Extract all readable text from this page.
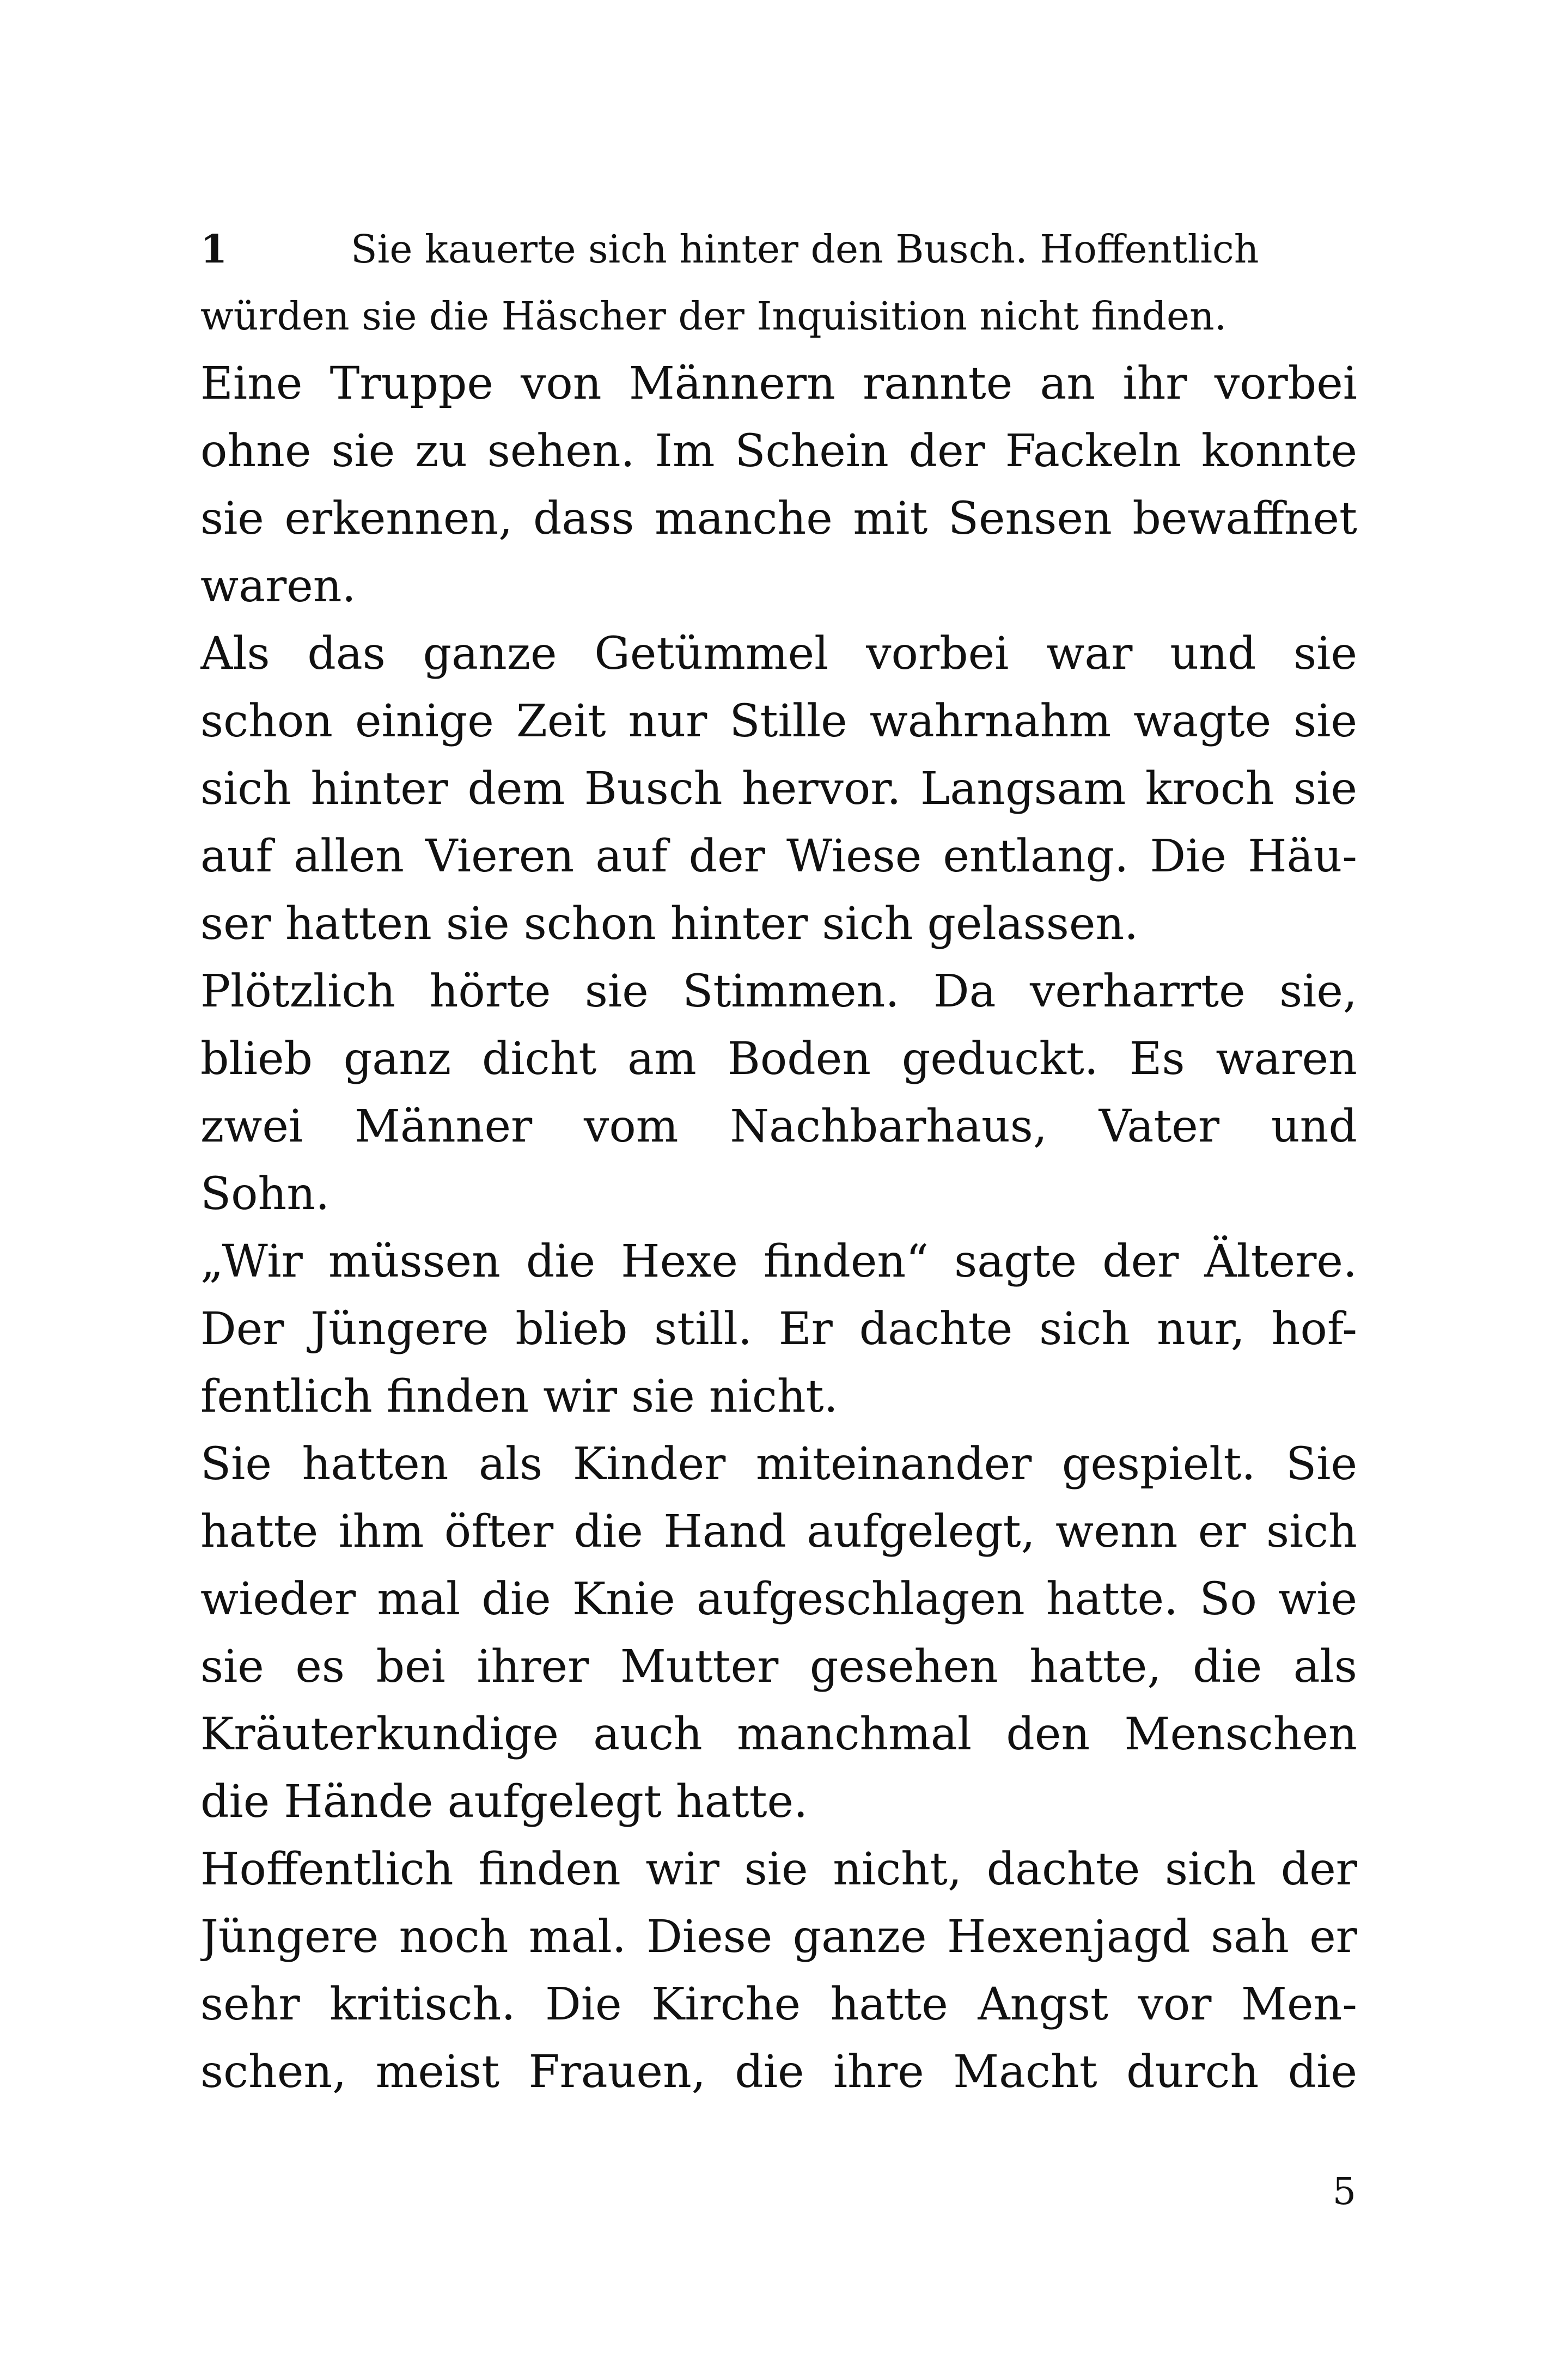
1	Sie kauerte sich hinter den Busch. Hoffentlich
würden sie die Häscher der Inquisition nicht finden.
Eine Truppe von Männern rannte an ihr vorbei
ohne sie zu sehen. Im Schein der Fackeln konnte
sie erkennen, dass manche mit Sensen bewaffnet
waren.
Als das ganze Getümmel vorbei war und sie
schon einige Zeit nur Stille wahrnahm wagte sie
sich hinter dem Busch hervor. Langsam kroch sie
auf allen Vieren auf der Wiese entlang. Die Häu-
ser hatten sie schon hinter sich gelassen.
Plötzlich hörte sie Stimmen. Da verharrte sie,
blieb ganz dicht am Boden geduckt. Es waren
zwei Männer vom Nachbarhaus, Vater und
Sohn.
„Wir müssen die Hexe finden“ sagte der Ältere.
Der Jüngere blieb still. Er dachte sich nur, hof-
fentlich finden wir sie nicht.
Sie hatten als Kinder miteinander gespielt. Sie
hatte ihm öfter die Hand aufgelegt, wenn er sich
wieder mal die Knie aufgeschlagen hatte. So wie
sie es bei ihrer Mutter gesehen hatte, die als
Kräuterkundige auch manchmal den Menschen
die Hände aufgelegt hatte.
Hoffentlich finden wir sie nicht, dachte sich der
Jüngere noch mal. Diese ganze Hexenjagd sah er
sehr kritisch. Die Kirche hatte Angst vor Men-
schen, meist Frauen, die ihre Macht durch die
5
